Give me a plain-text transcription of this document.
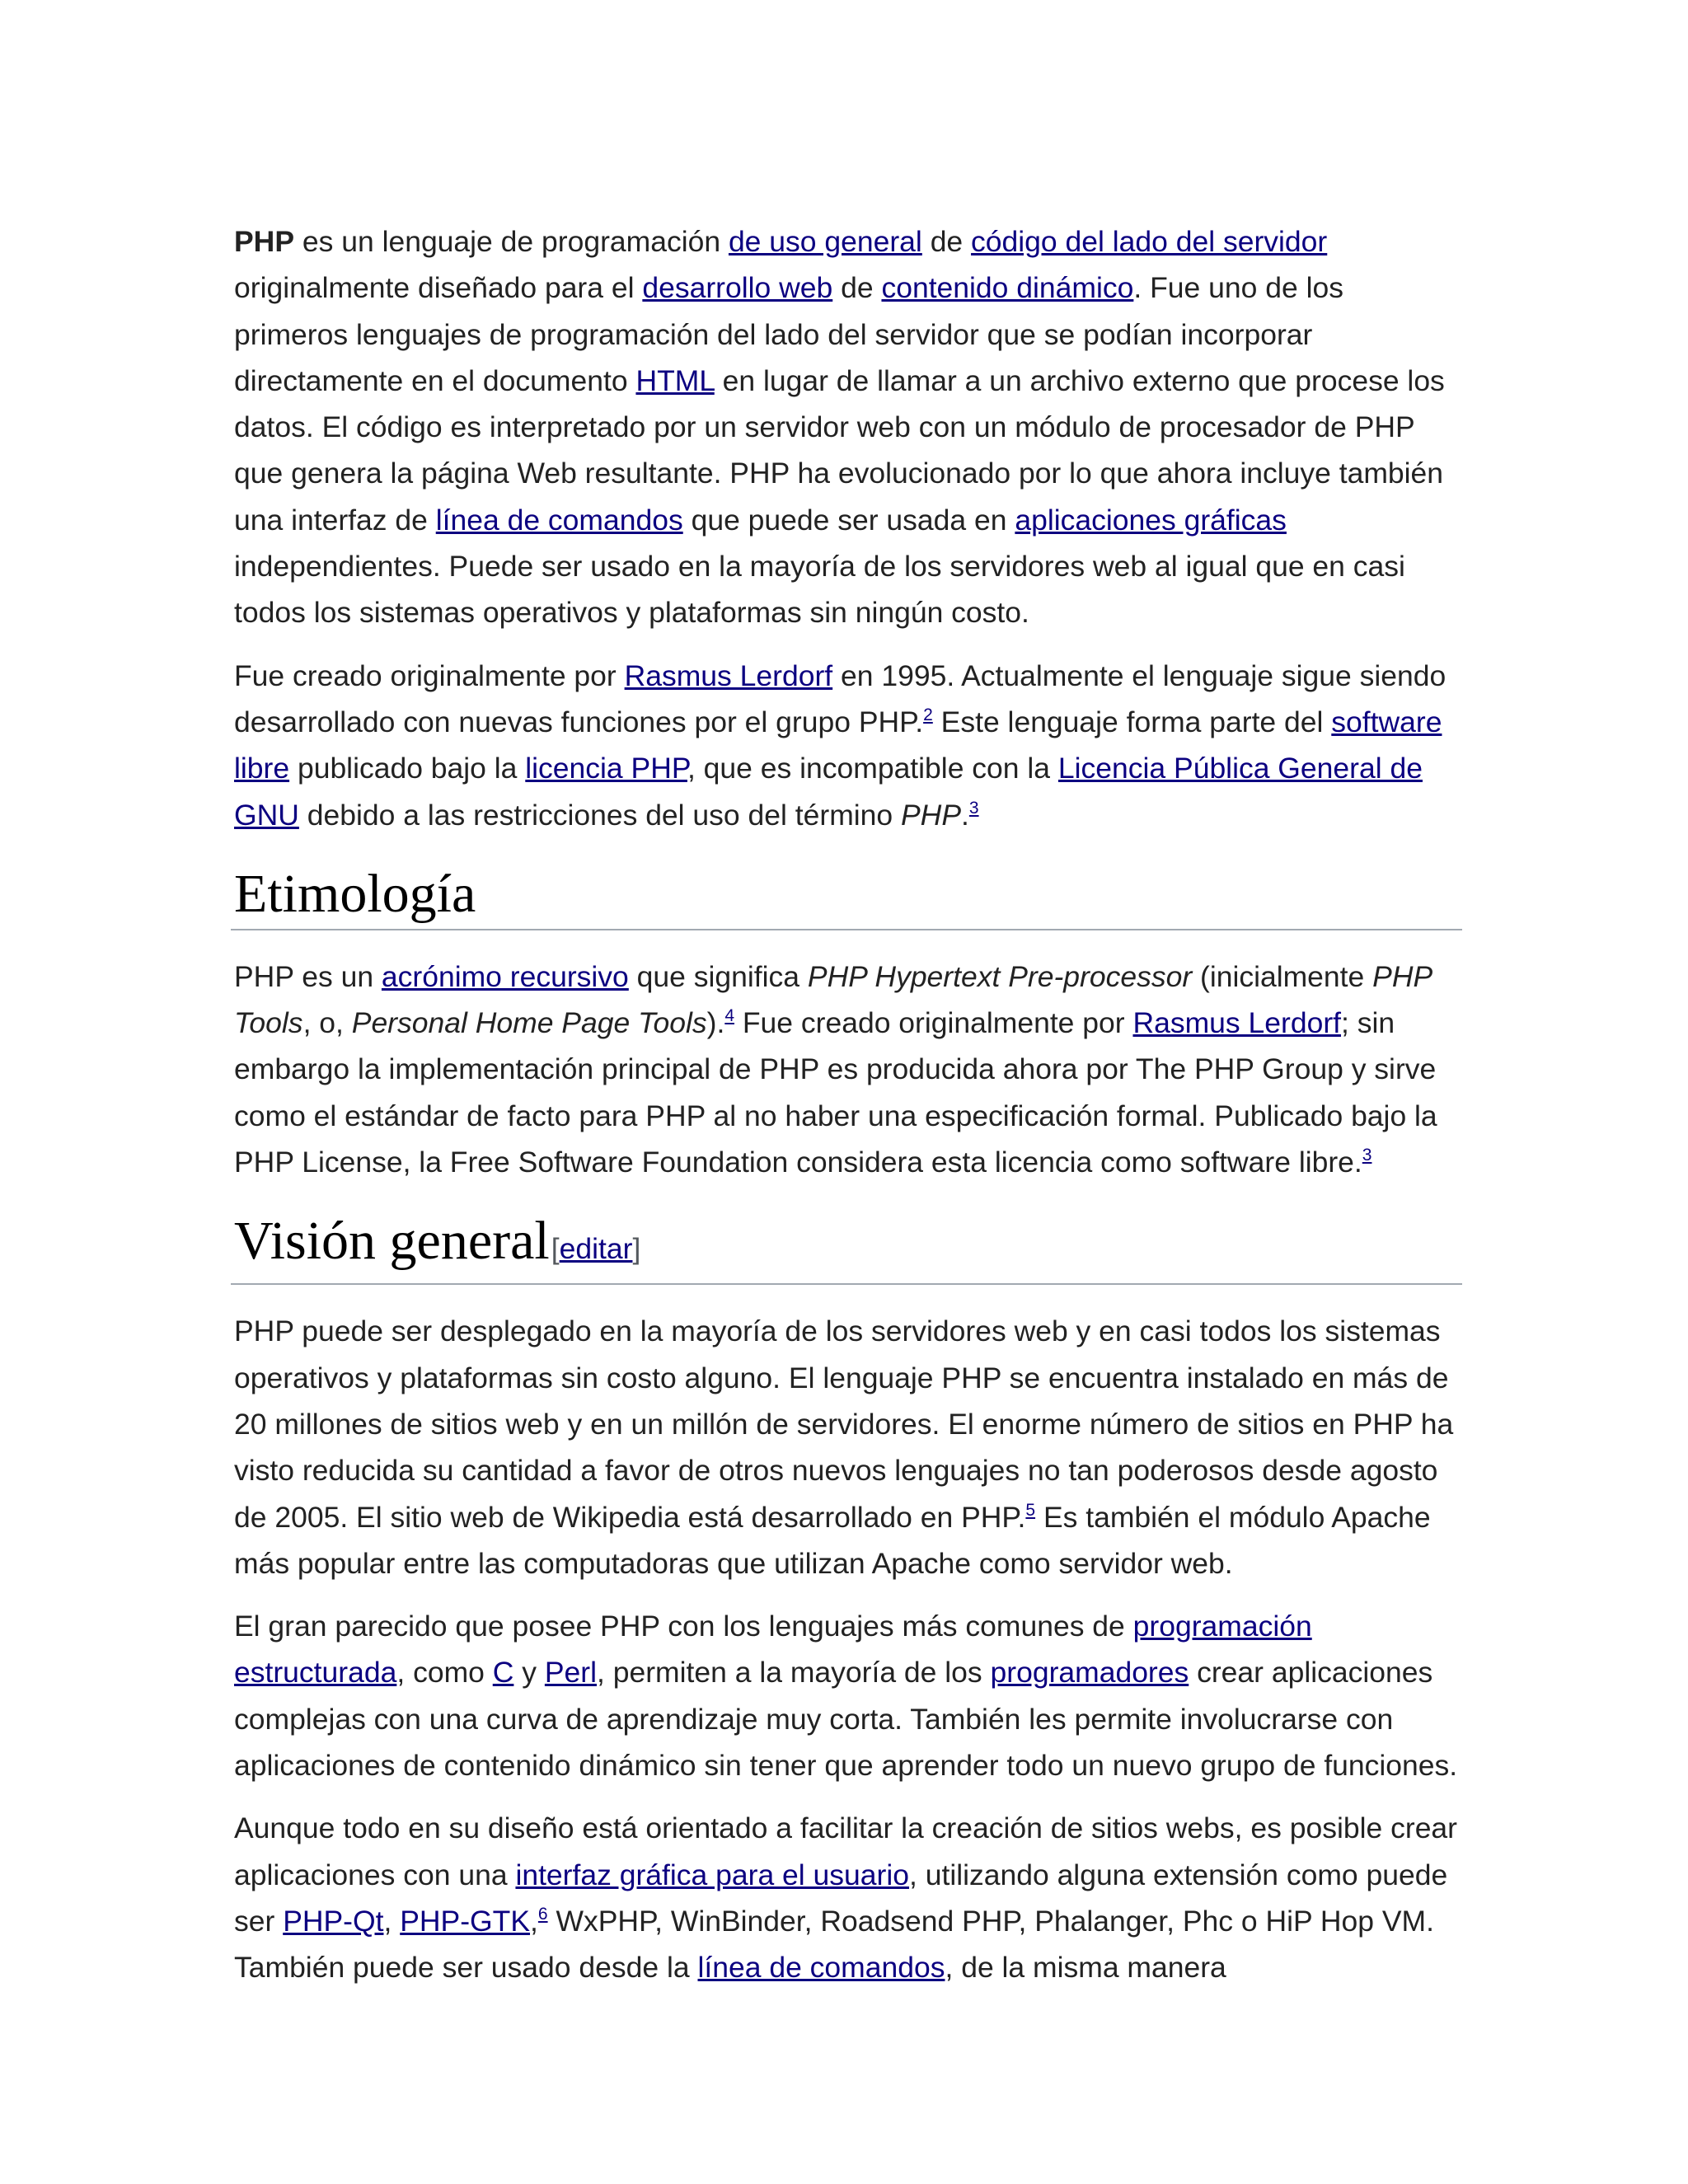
PHP es un lenguaje de programación de uso general de código del lado del servidor originalmente diseñado para el desarrollo web de contenido dinámico. Fue uno de los primeros lenguajes de programación del lado del servidor que se podían incorporar directamente en el documento HTML en lugar de llamar a un archivo externo que procese los datos. El código es interpretado por un servidor web con un módulo de procesador de PHP que genera la página Web resultante. PHP ha evolucionado por lo que ahora incluye también una interfaz de línea de comandos que puede ser usada en aplicaciones gráficas independientes. Puede ser usado en la mayoría de los servidores web al igual que en casi todos los sistemas operativos y plataformas sin ningún costo.

Fue creado originalmente por Rasmus Lerdorf en 1995. Actualmente el lenguaje sigue siendo desarrollado con nuevas funciones por el grupo PHP.$^2$ Este lenguaje forma parte del software libre publicado bajo la licencia PHP, que es incompatible con la Licencia Pública General de GNU debido a las restricciones del uso del término PHP.$^3$

Etimología

PHP es un acrónimo recursivo que significa PHP Hypertext Pre-processor (inicialmente PHP Tools, o, Personal Home Page Tools).$^4$ Fue creado originalmente por Rasmus Lerdorf; sin embargo la implementación principal de PHP es producida ahora por The PHP Group y sirve como el estándar de facto para PHP al no haber una especificación formal. Publicado bajo la PHP License, la Free Software Foundation considera esta licencia como software libre.$^3$

Visión general[editar]

PHP puede ser desplegado en la mayoría de los servidores web y en casi todos los sistemas operativos y plataformas sin costo alguno. El lenguaje PHP se encuentra instalado en más de 20 millones de sitios web y en un millón de servidores. El enorme número de sitios en PHP ha visto reducida su cantidad a favor de otros nuevos lenguajes no tan poderosos desde agosto de 2005. El sitio web de Wikipedia está desarrollado en PHP.$^5$ Es también el módulo Apache más popular entre las computadoras que utilizan Apache como servidor web.

El gran parecido que posee PHP con los lenguajes más comunes de programación estructurada, como C y Perl, permiten a la mayoría de los programadores crear aplicaciones complejas con una curva de aprendizaje muy corta. También les permite involucrarse con aplicaciones de contenido dinámico sin tener que aprender todo un nuevo grupo de funciones.

Aunque todo en su diseño está orientado a facilitar la creación de sitios webs, es posible crear aplicaciones con una interfaz gráfica para el usuario, utilizando alguna extensión como puede ser PHP-Qt, PHP-GTK,$^6$ WxPHP, WinBinder, Roadsend PHP, Phalanger, Phc o HiP Hop VM. También puede ser usado desde la línea de comandos, de la misma manera
